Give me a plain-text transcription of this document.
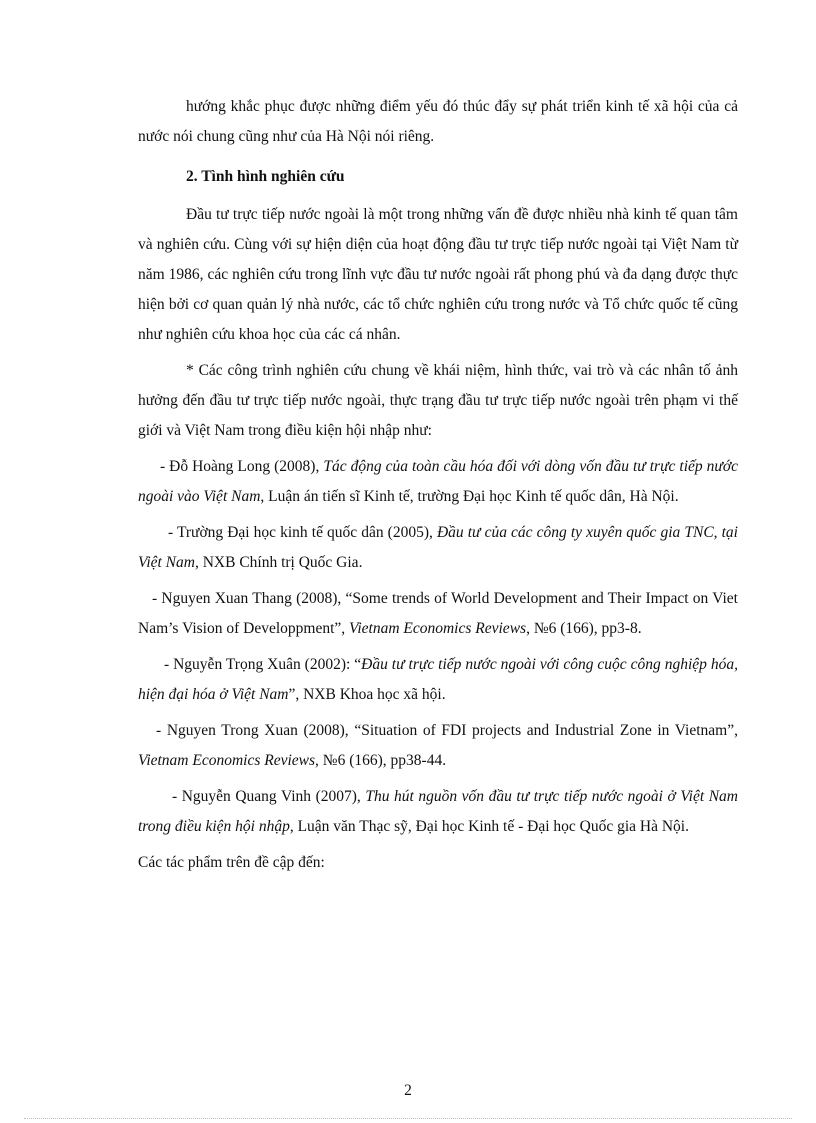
hướng khắc phục được những điểm yếu đó thúc đẩy sự phát triển kinh tế xã hội của cả nước nói chung cũng như của Hà Nội nói riêng.

2. Tình hình nghiên cứu

Đầu tư trực tiếp nước ngoài là một trong những vấn đề được nhiều nhà kinh tế quan tâm và nghiên cứu. Cùng với sự hiện diện của hoạt động đầu tư trực tiếp nước ngoài tại Việt Nam từ năm 1986, các nghiên cứu trong lĩnh vực đầu tư nước ngoài rất phong phú và đa dạng được thực hiện bởi cơ quan quản lý nhà nước, các tổ chức nghiên cứu trong nước và Tổ chức quốc tế cũng như nghiên cứu khoa học của các cá nhân.

* Các công trình nghiên cứu chung về khái niệm, hình thức, vai trò và các nhân tố ảnh hưởng đến đầu tư trực tiếp nước ngoài, thực trạng đầu tư trực tiếp nước ngoài trên phạm vi thế giới và Việt Nam trong điều kiện hội nhập như:

- Đỗ Hoàng Long (2008), Tác động của toàn cầu hóa đối với dòng vốn đầu tư trực tiếp nước ngoài vào Việt Nam, Luận án tiến sĩ Kinh tế, trường Đại học Kinh tế quốc dân, Hà Nội.

- Trường Đại học kinh tế quốc dân (2005), Đầu tư của các công ty xuyên quốc gia TNC, tại Việt Nam, NXB Chính trị Quốc Gia.

- Nguyen Xuan Thang (2008), “Some trends of World Development and Their Impact on Viet Nam’s Vision of Developpment”, Vietnam Economics Reviews, №6 (166), pp3-8.

- Nguyễn Trọng Xuân (2002): “Đầu tư trực tiếp nước ngoài với công cuộc công nghiệp hóa, hiện đại hóa ở Việt Nam”, NXB Khoa học xã hội.

- Nguyen Trong Xuan (2008), “Situation of FDI projects and Industrial Zone in Vietnam”, Vietnam Economics Reviews, №6 (166), pp38-44.

- Nguyễn Quang Vinh (2007), Thu hút nguồn vốn đầu tư trực tiếp nước ngoài ở Việt Nam trong điều kiện hội nhập, Luận văn Thạc sỹ, Đại học Kinh tế - Đại học Quốc gia Hà Nội.

Các tác phẩm trên đề cập đến:

2
